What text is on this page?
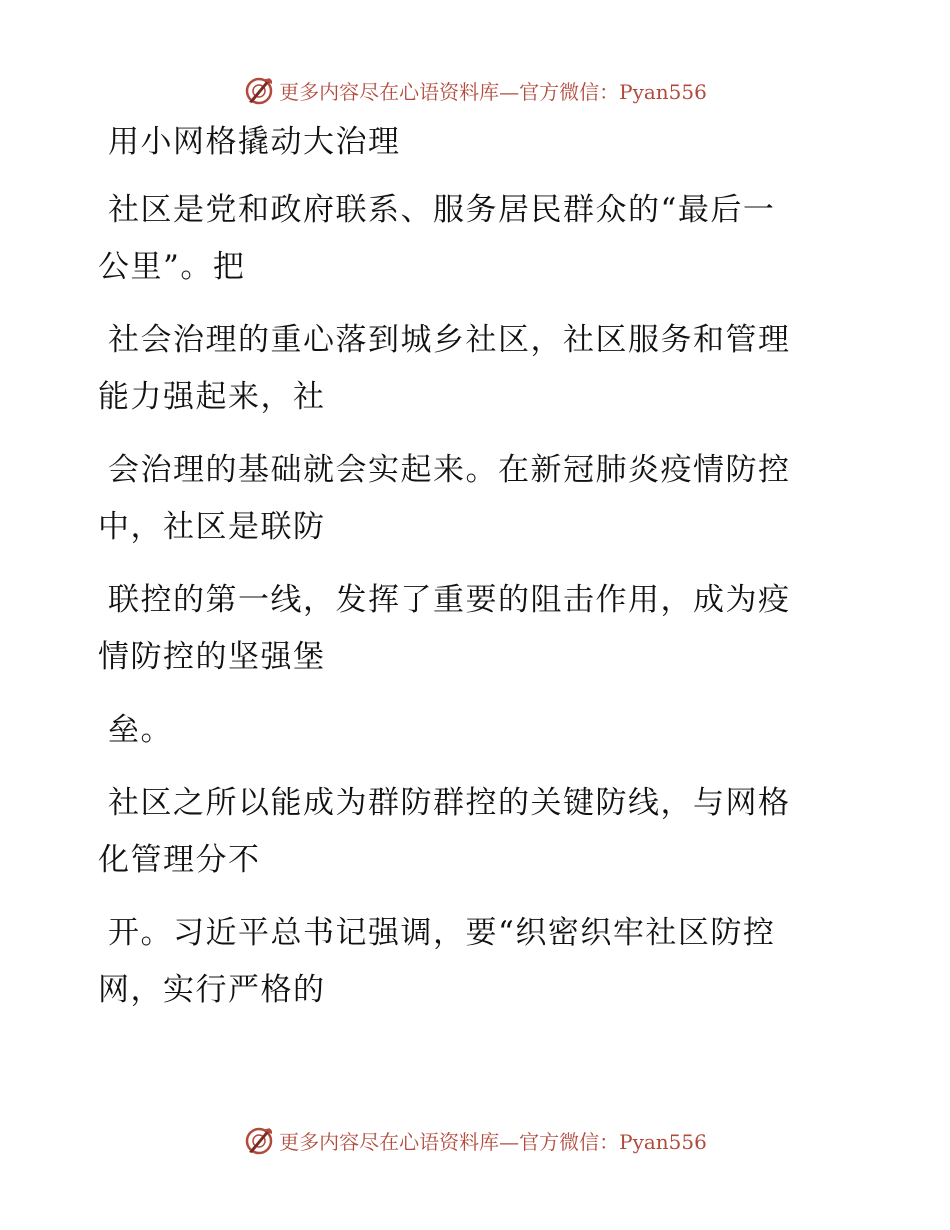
更多内容尽在心语资料库—官方微信：Pyan556
用小网格撬动大治理
社区是党和政府联系、服务居民群众的“最后一
公里”。把
社会治理的重心落到城乡社区，社区服务和管理
能力强起来，社
会治理的基础就会实起来。在新冠肺炎疫情防控
中，社区是联防
联控的第一线，发挥了重要的阻击作用，成为疫
情防控的坚强堡
垒。
社区之所以能成为群防群控的关键防线，与网格
化管理分不
开。习近平总书记强调，要“织密织牢社区防控
网，实行严格的
更多内容尽在心语资料库—官方微信：Pyan556
